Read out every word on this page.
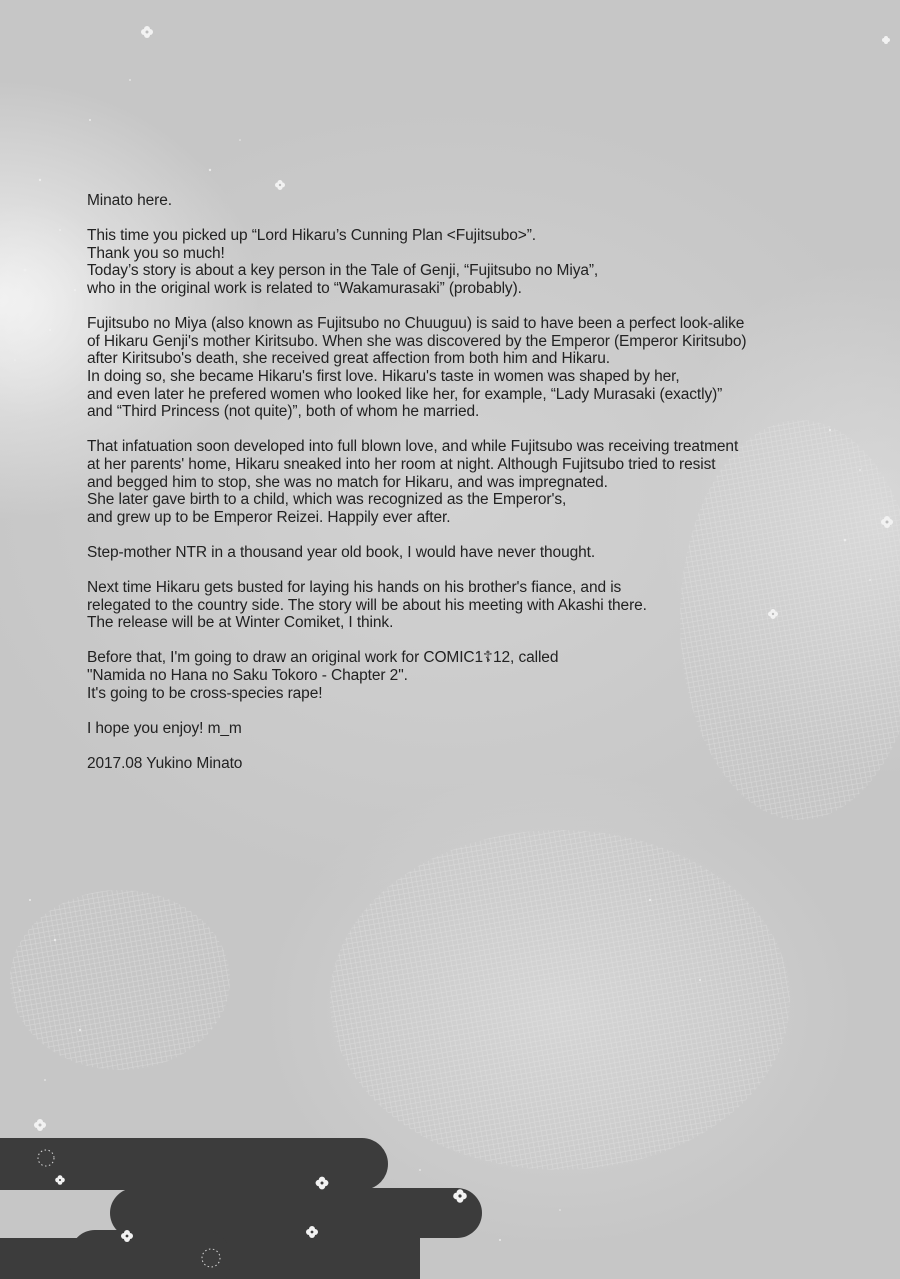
Minato here.

This time you picked up “Lord Hikaru’s Cunning Plan <Fujitsubo>”.
Thank you so much!
Today’s story is about a key person in the Tale of Genji, “Fujitsubo no Miya”,
who in the original work is related to “Wakamurasaki” (probably).

Fujitsubo no Miya (also known as Fujitsubo no Chuuguu) is said to have been a perfect look-alike
of Hikaru Genji's mother Kiritsubo. When she was discovered by the Emperor (Emperor Kiritsubo)
after Kiritsubo's death, she received great affection from both him and Hikaru.
In doing so, she became Hikaru's first love. Hikaru's taste in women was shaped by her,
and even later he prefered women who looked like her, for example, “Lady Murasaki (exactly)”
and “Third Princess (not quite)”, both of whom he married.

That infatuation soon developed into full blown love, and while Fujitsubo was receiving treatment
at her parents' home, Hikaru sneaked into her room at night. Although Fujitsubo tried to resist
and begged him to stop, she was no match for Hikaru, and was impregnated.
She later gave birth to a child, which was recognized as the Emperor's,
and grew up to be Emperor Reizei. Happily ever after.

Step-mother NTR in a thousand year old book, I would have never thought.

Next time Hikaru gets busted for laying his hands on his brother's fiance, and is
relegated to the country side. The story will be about his meeting with Akashi there.
The release will be at Winter Comiket, I think.

Before that, I'm going to draw an original work for COMIC1☦12, called
"Namida no Hana no Saku Tokoro - Chapter 2".
It's going to be cross-species rape!

I hope you enjoy! m_m

2017.08 Yukino Minato
